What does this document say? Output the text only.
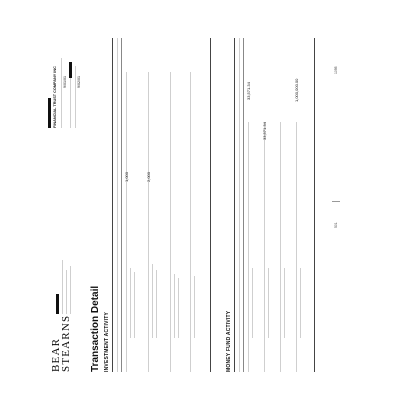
BEAR
STEARNS
FINANCIAL TRUST COMPANY INC 9/01/01	9/02/01
Transaction Detail INVESTMENT ACTIVITY
1,000	2,000
MONEY FUND ACTIVITY
33,571.34
33,571.34
1,000,000.00
501
1095
